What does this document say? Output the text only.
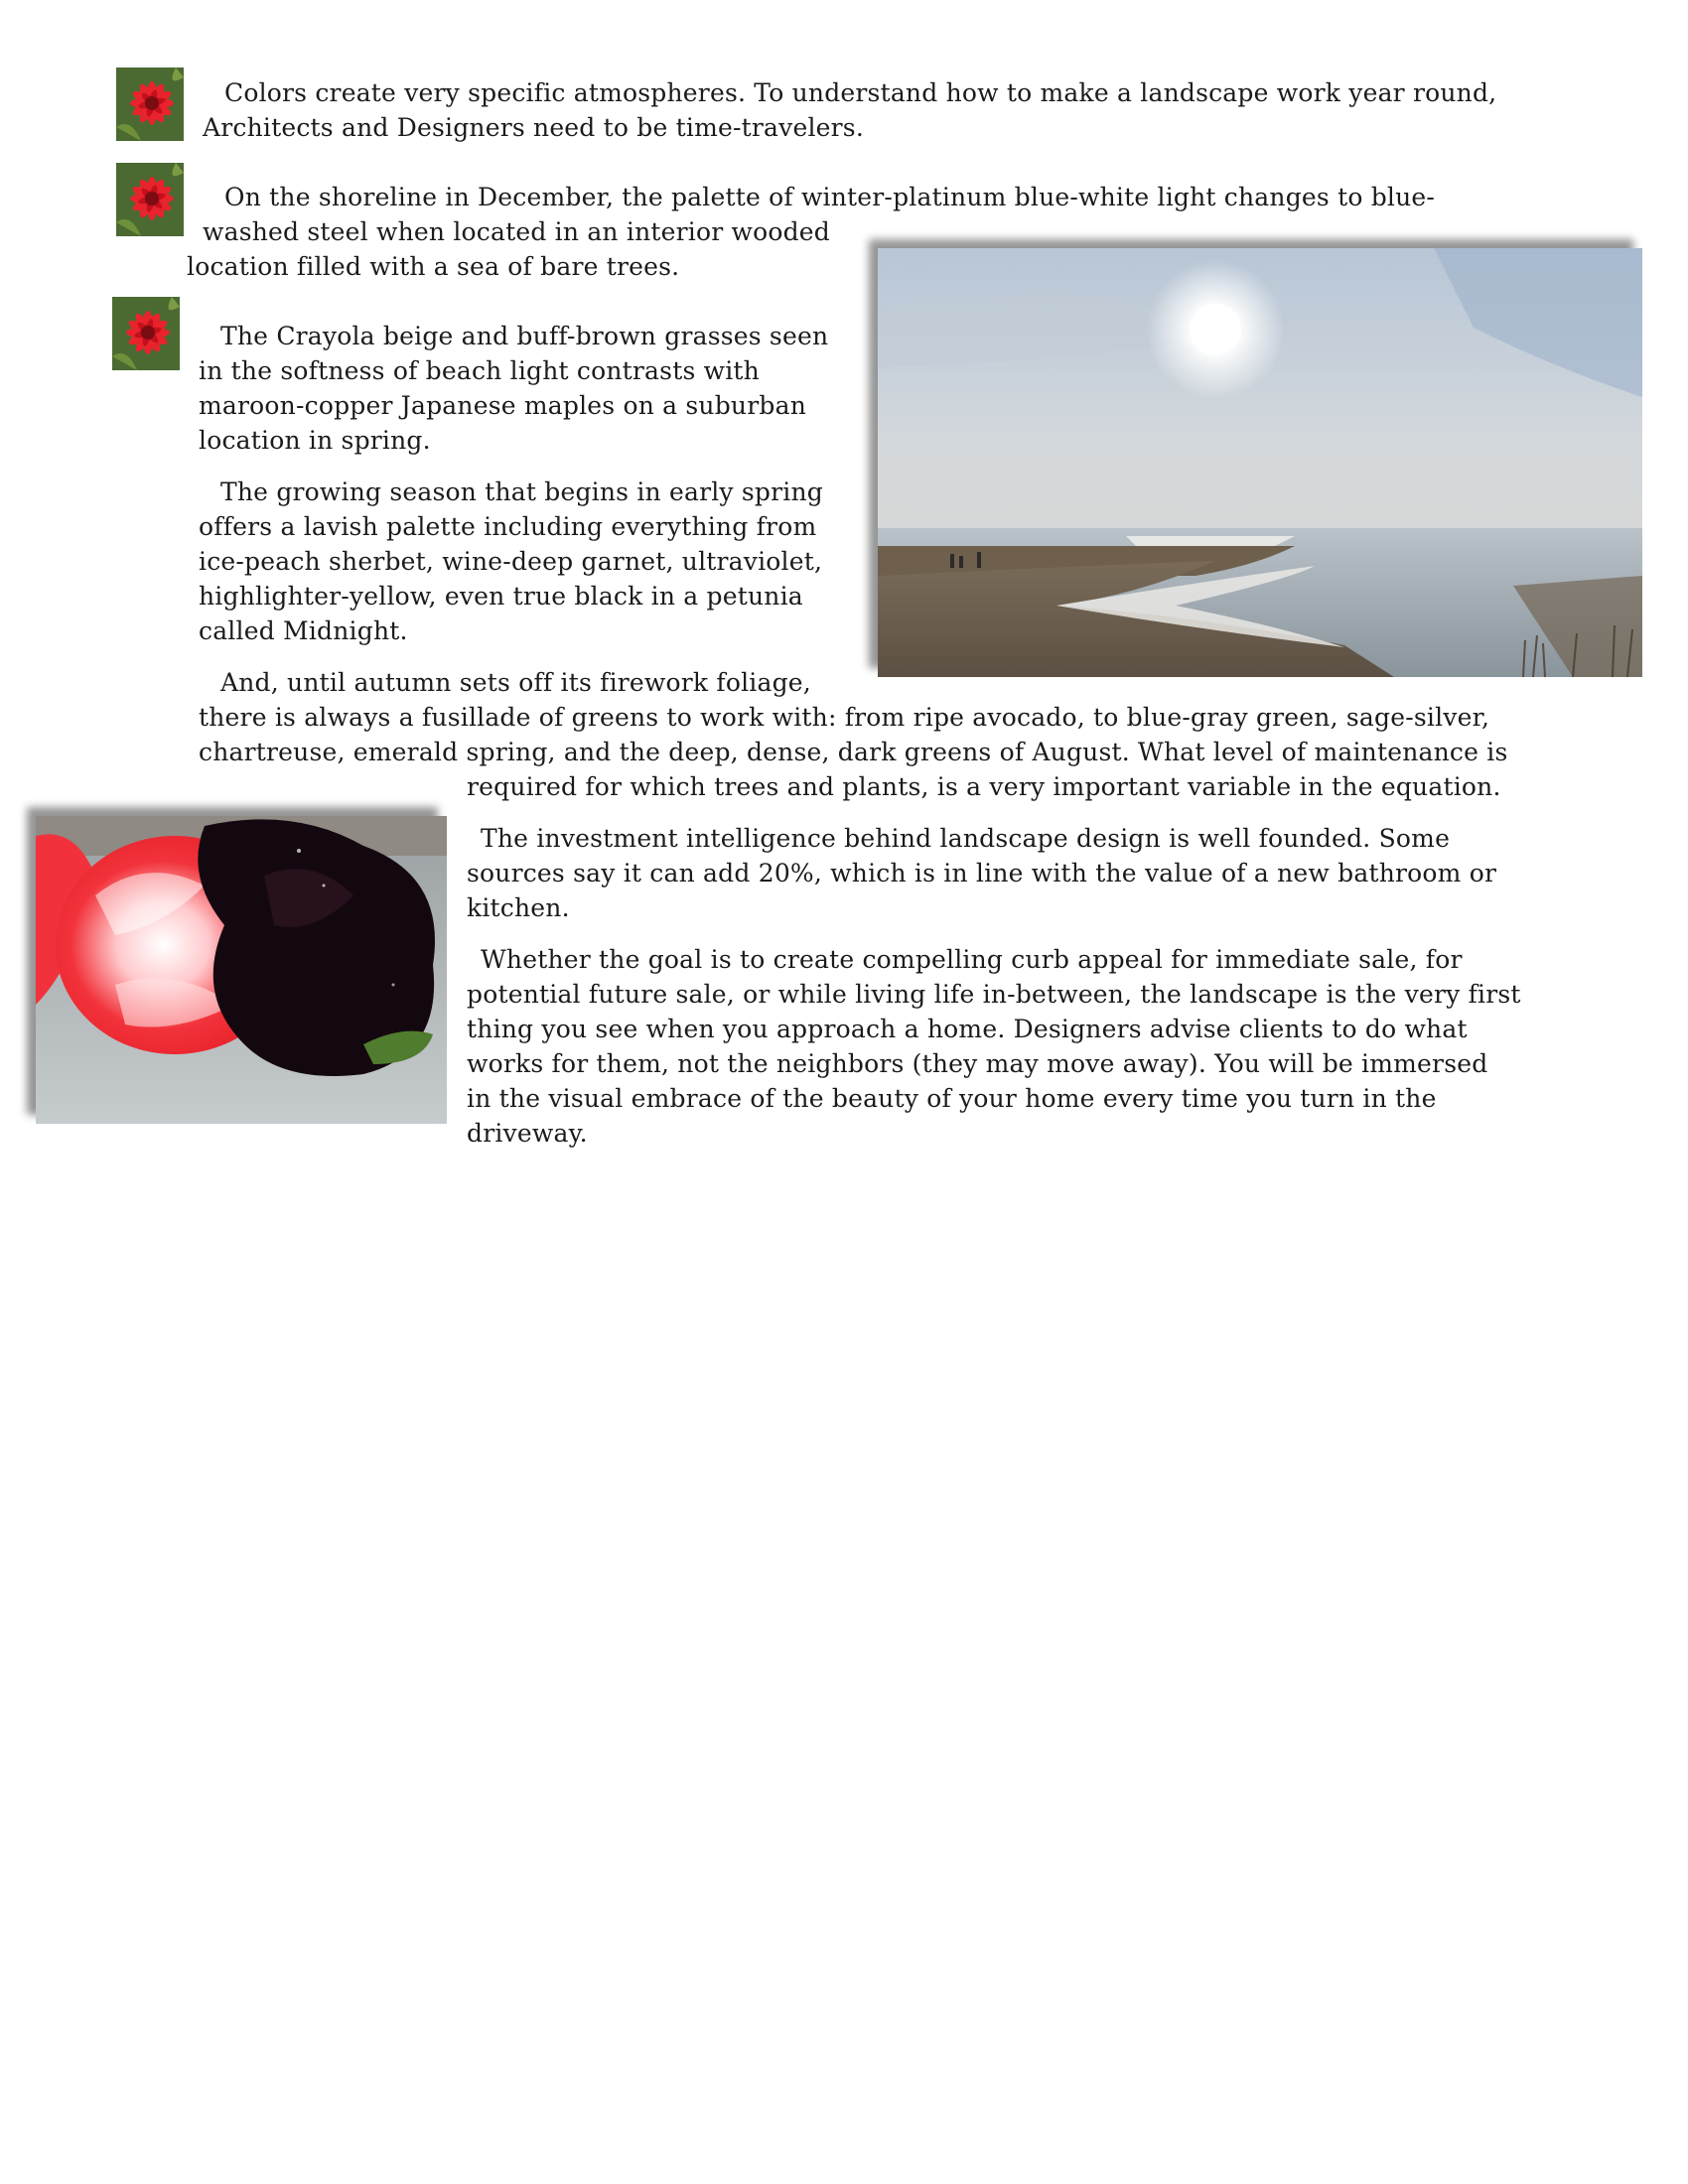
Colors create very specific atmospheres. To understand how to make a landscape work year round,
Architects and Designers need to be time-travelers.
On the shoreline in December, the palette of winter-platinum blue-white light changes to blue-
washed steel when located in an interior wooded
location filled with a sea of bare trees.
The Crayola beige and buff-brown grasses seen
in the softness of beach light contrasts with
maroon-copper Japanese maples on a suburban
location in spring.
The growing season that begins in early spring
offers a lavish palette including everything from
ice-peach sherbet, wine-deep garnet, ultraviolet,
highlighter-yellow, even true black in a petunia
called Midnight.
And, until autumn sets off its firework foliage,
there is always a fusillade of greens to work with: from ripe avocado, to blue-gray green, sage-silver,
chartreuse, emerald spring, and the deep, dense, dark greens of August. What level of maintenance is
required for which trees and plants, is a very important variable in the equation.
The investment intelligence behind landscape design is well founded. Some
sources say it can add 20%, which is in line with the value of a new bathroom or
kitchen.
Whether the goal is to create compelling curb appeal for immediate sale, for
potential future sale, or while living life in-between, the landscape is the very first
thing you see when you approach a home. Designers advise clients to do what
works for them, not the neighbors (they may move away). You will be immersed
in the visual embrace of the beauty of your home every time you turn in the
driveway.
